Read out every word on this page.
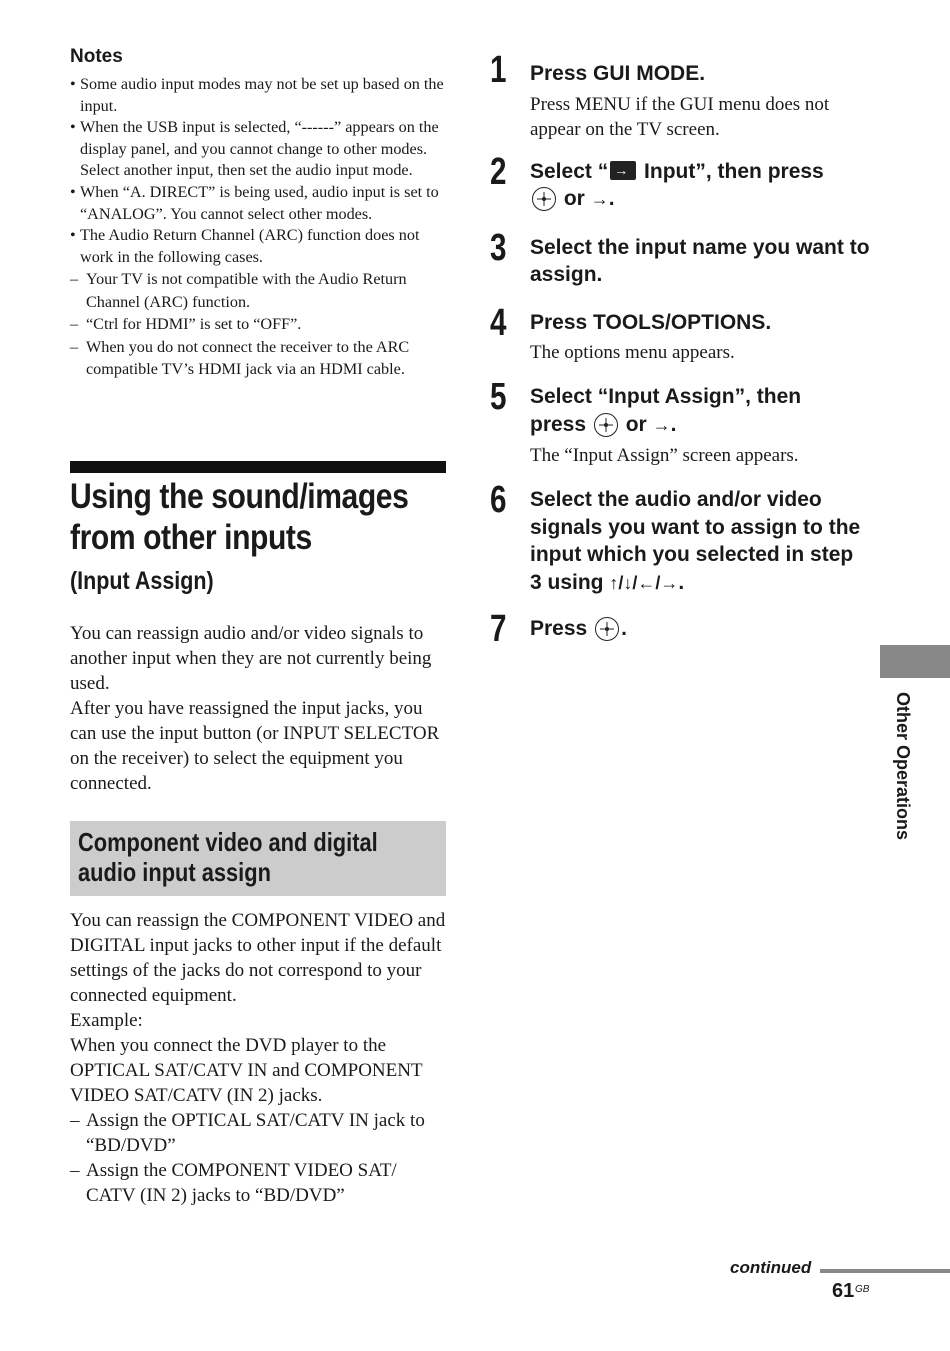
Notes

• Some audio input modes may not be set up based on the input.
• When the USB input is selected, “------” appears on the display panel, and you cannot change to other modes. Select another input, then set the audio input mode.
• When “A. DIRECT” is being used, audio input is set to “ANALOG”. You cannot select other modes.
• The Audio Return Channel (ARC) function does not work in the following cases.
– Your TV is not compatible with the Audio Return Channel (ARC) function.
– “Ctrl for HDMI” is set to “OFF”.
– When you do not connect the receiver to the ARC compatible TV’s HDMI jack via an HDMI cable.
Using the sound/images
from other inputs
(Input Assign)

You can reassign audio and/or video signals to another input when they are not currently being used.

After you have reassigned the input jacks, you can use the input button (or INPUT SELECTOR on the receiver) to select the equipment you connected.

Component video and digital
audio input assign

You can reassign the COMPONENT VIDEO and DIGITAL input jacks to other input if the default settings of the jacks do not correspond to your connected equipment.

Example:

When you connect the DVD player to the OPTICAL SAT/CATV IN and COMPONENT VIDEO SAT/CATV (IN 2) jacks.

– Assign the OPTICAL SAT/CATV IN jack to “BD/DVD”
– Assign the COMPONENT VIDEO SAT/ CATV (IN 2) jacks to “BD/DVD”
1 Press GUI MODE.

Press MENU if the GUI menu does not appear on the TV screen.

2 Select “ → Input”, then press

or →.

3 Select the input name you want to assign.

4 Press TOOLS/OPTIONS.

The options menu appears.

5 Select “Input Assign”, then
press or →.

The “Input Assign” screen appears.

6 Select the audio and/or video signals you want to assign to the input which you selected in step 3 using ↑/↓/←/→.

7 Press .

Other Operations
continued
61 GB
